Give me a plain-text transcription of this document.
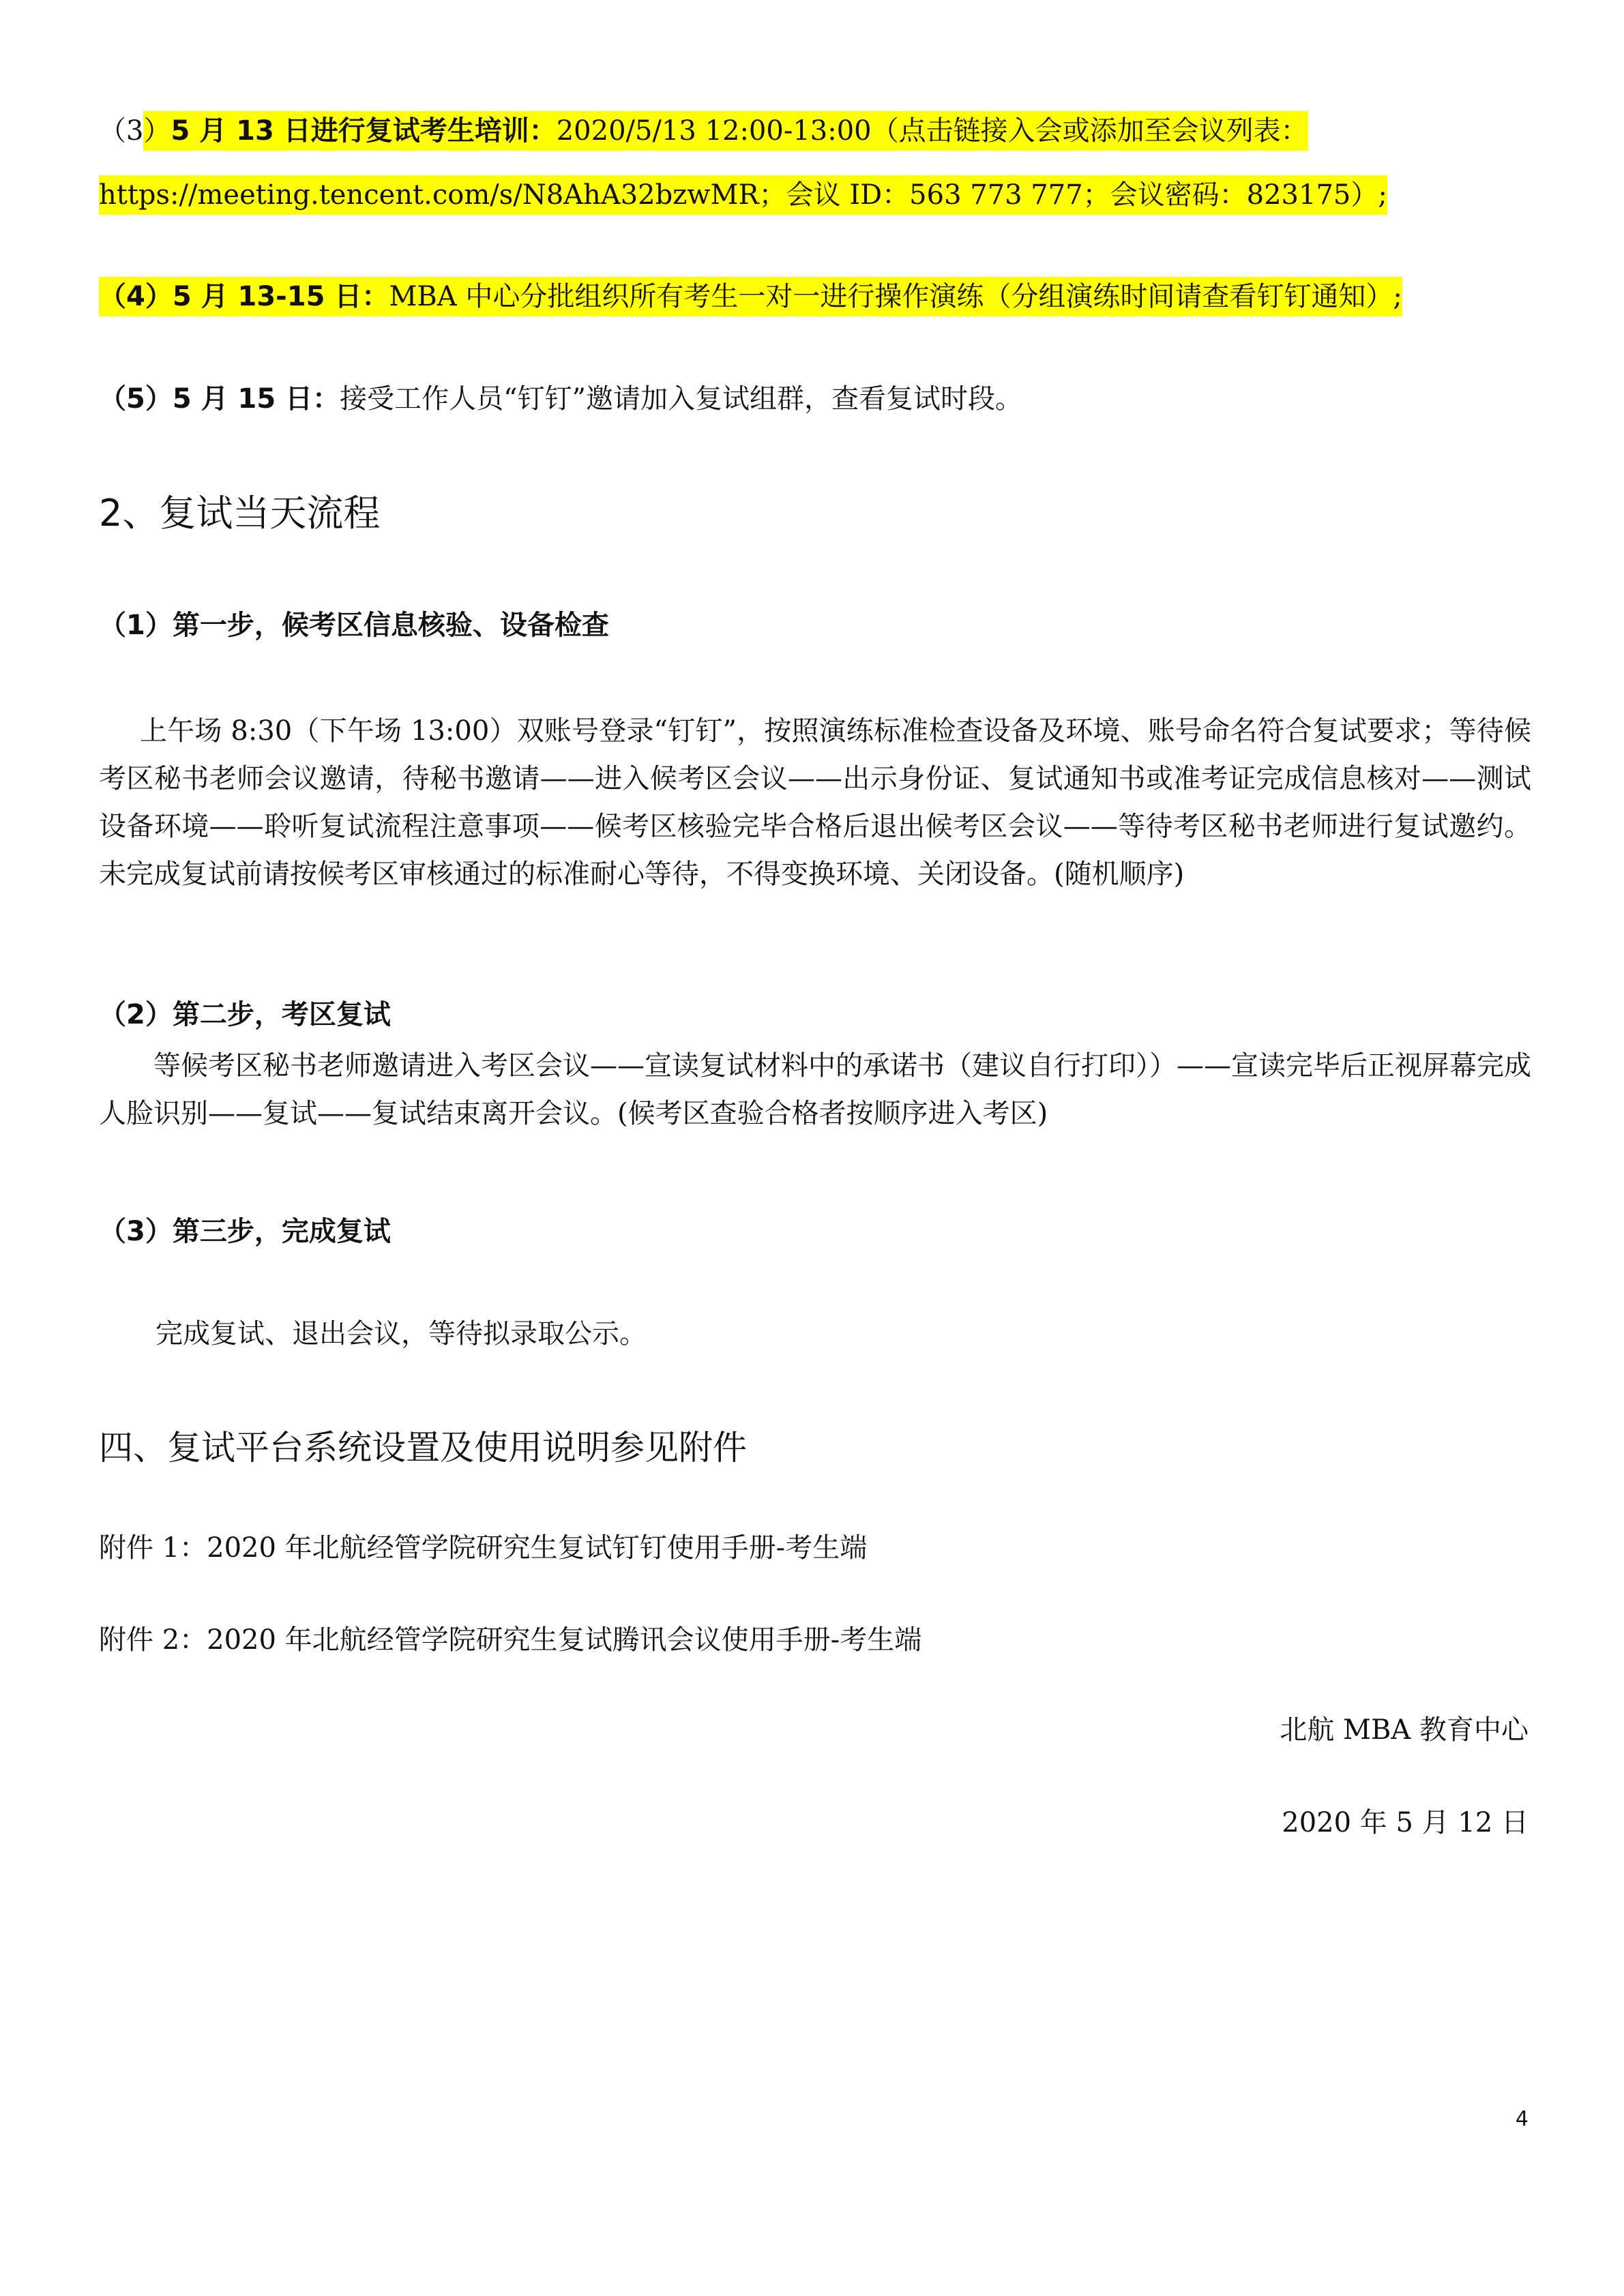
（3）5 月 13 日进行复试考生培训：2020/5/13 12:00-13:00（点击链接入会或添加至会议列表：
https://meeting.tencent.com/s/N8AhA32bzwMR；会议 ID：563 773 777；会议密码：823175）;
（4）5 月 13-15 日：MBA 中心分批组织所有考生一对一进行操作演练（分组演练时间请查看钉钉通知）;
（5）5 月 15 日：接受工作人员“钉钉”邀请加入复试组群，查看复试时段。
2、复试当天流程
（1）第一步，候考区信息核验、设备检查
上午场 8:30（下午场 13:00）双账号登录“钉钉”，按照演练标准检查设备及环境、账号命名符合复试要求；等待候考区秘书老师会议邀请，待秘书邀请——进入候考区会议——出示身份证、复试通知书或准考证完成信息核对——测试设备环境——聆听复试流程注意事项——候考区核验完毕合格后退出候考区会议——等待考区秘书老师进行复试邀约。未完成复试前请按候考区审核通过的标准耐心等待，不得变换环境、关闭设备。(随机顺序)
（2）第二步，考区复试
等候考区秘书老师邀请进入考区会议——宣读复试材料中的承诺书（建议自行打印））——宣读完毕后正视屏幕完成人脸识别——复试——复试结束离开会议。(候考区查验合格者按顺序进入考区)
（3）第三步，完成复试
完成复试、退出会议，等待拟录取公示。
四、复试平台系统设置及使用说明参见附件
附件 1：2020 年北航经管学院研究生复试钉钉使用手册-考生端
附件 2：2020 年北航经管学院研究生复试腾讯会议使用手册-考生端
北航 MBA 教育中心
2020 年 5 月 12 日
4
